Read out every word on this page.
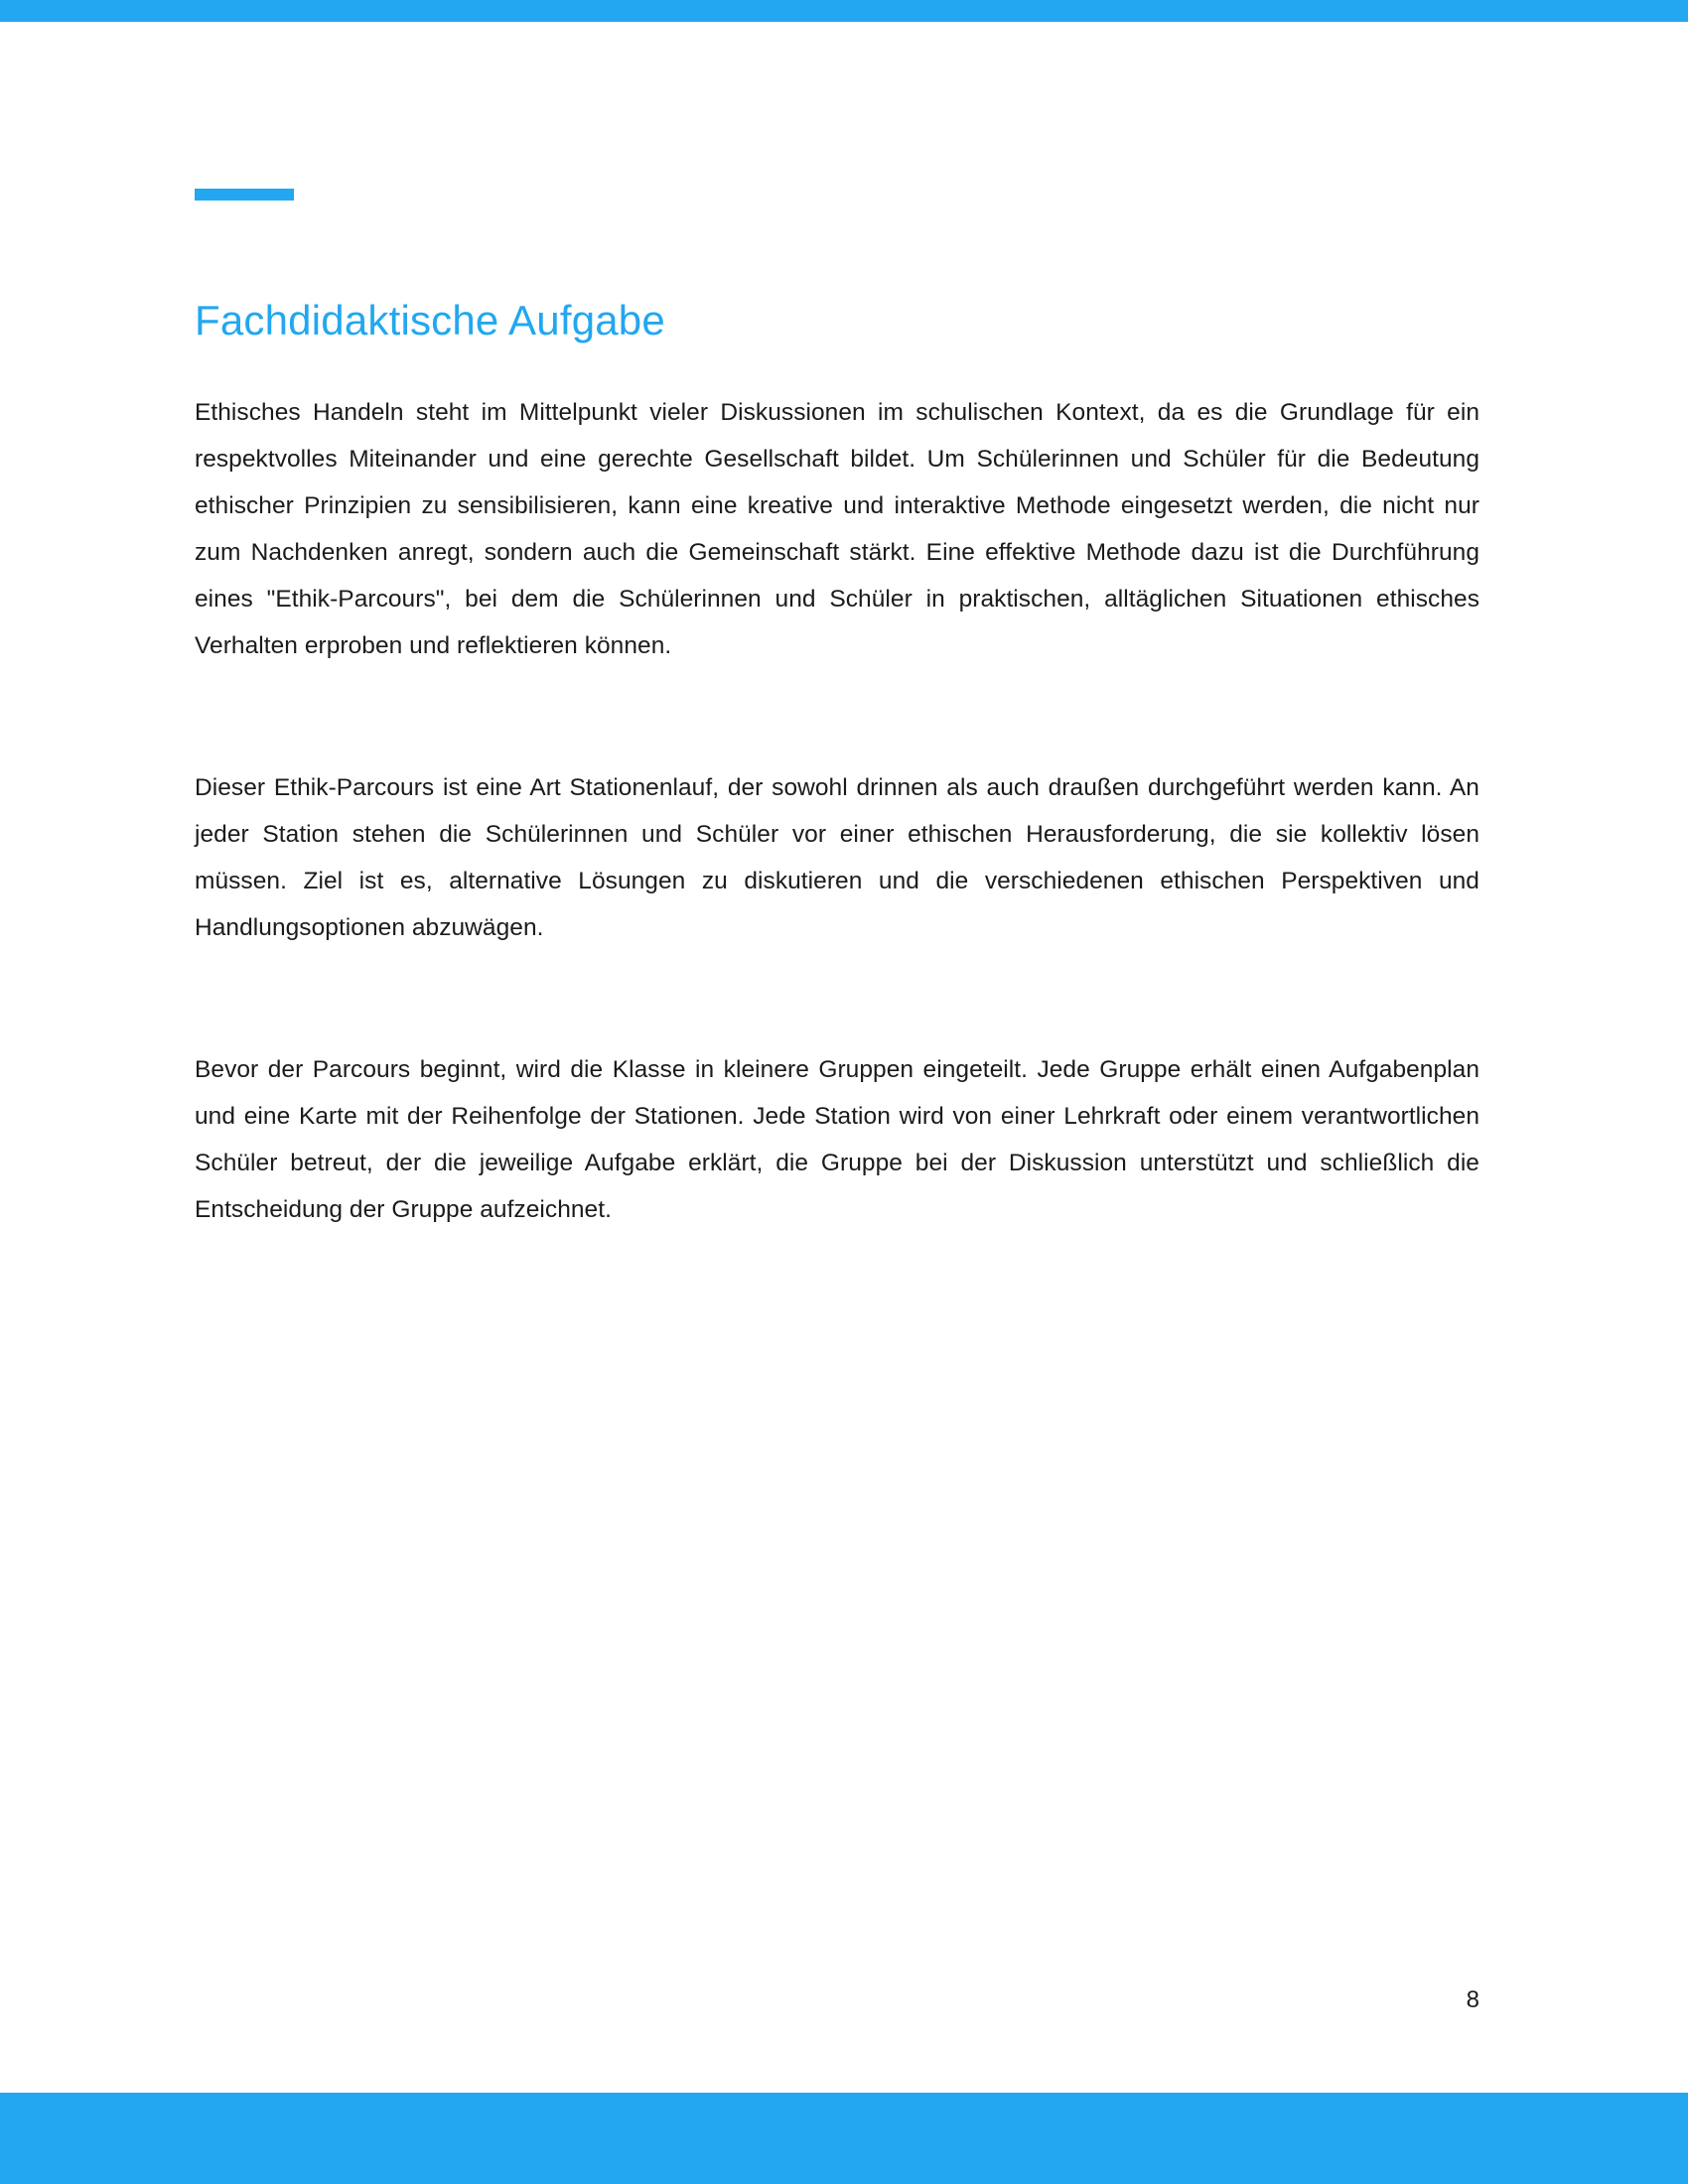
Fachdidaktische Aufgabe

Ethisches Handeln steht im Mittelpunkt vieler Diskussionen im schulischen Kontext, da es die Grundlage für ein respektvolles Miteinander und eine gerechte Gesellschaft bildet. Um Schülerinnen und Schüler für die Bedeutung ethischer Prinzipien zu sensibilisieren, kann eine kreative und interaktive Methode eingesetzt werden, die nicht nur zum Nachdenken anregt, sondern auch die Gemeinschaft stärkt. Eine effektive Methode dazu ist die Durchführung eines "Ethik-Parcours", bei dem die Schülerinnen und Schüler in praktischen, alltäglichen Situationen ethisches Verhalten erproben und reflektieren können.

Dieser Ethik-Parcours ist eine Art Stationenlauf, der sowohl drinnen als auch draußen durchgeführt werden kann. An jeder Station stehen die Schülerinnen und Schüler vor einer ethischen Herausforderung, die sie kollektiv lösen müssen. Ziel ist es, alternative Lösungen zu diskutieren und die verschiedenen ethischen Perspektiven und Handlungsoptionen abzuwägen.

Bevor der Parcours beginnt, wird die Klasse in kleinere Gruppen eingeteilt. Jede Gruppe erhält einen Aufgabenplan und eine Karte mit der Reihenfolge der Stationen. Jede Station wird von einer Lehrkraft oder einem verantwortlichen Schüler betreut, der die jeweilige Aufgabe erklärt, die Gruppe bei der Diskussion unterstützt und schließlich die Entscheidung der Gruppe aufzeichnet.

8
